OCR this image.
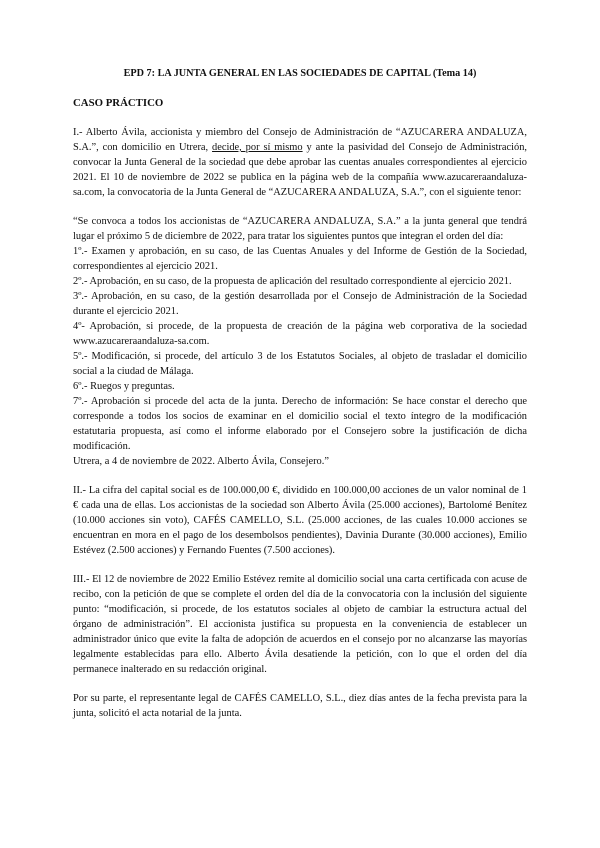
EPD 7: LA JUNTA GENERAL EN LAS SOCIEDADES DE CAPITAL (Tema 14)
CASO PRÁCTICO

I.- Alberto Ávila, accionista y miembro del Consejo de Administración de “AZUCARERA ANDALUZA, S.A.”, con domicilio en Utrera, decide, por sí mismo y ante la pasividad del Consejo de Administración, convocar la Junta General de la sociedad que debe aprobar las cuentas anuales correspondientes al ejercicio 2021. El 10 de noviembre de 2022 se publica en la página web de la compañía www.azucareraandaluza-sa.com, la convocatoria de la Junta General de “AZUCARERA ANDALUZA, S.A.”, con el siguiente tenor:

“Se convoca a todos los accionistas de “AZUCARERA ANDALUZA, S.A.” a la junta general que tendrá lugar el próximo 5 de diciembre de 2022, para tratar los siguientes puntos que integran el orden del día:

1º.- Examen y aprobación, en su caso, de las Cuentas Anuales y del Informe de Gestión de la Sociedad, correspondientes al ejercicio 2021.

2º.- Aprobación, en su caso, de la propuesta de aplicación del resultado correspondiente al ejercicio 2021.

3º.- Aprobación, en su caso, de la gestión desarrollada por el Consejo de Administración de la Sociedad durante el ejercicio 2021.

4º- Aprobación, si procede, de la propuesta de creación de la página web corporativa de la sociedad www.azucareraandaluza-sa.com.

5º.- Modificación, si procede, del artículo 3 de los Estatutos Sociales, al objeto de trasladar el domicilio social a la ciudad de Málaga.

6º.- Ruegos y preguntas.

7º.- Aprobación si procede del acta de la junta. Derecho de información: Se hace constar el derecho que corresponde a todos los socios de examinar en el domicilio social el texto íntegro de la modificación estatutaria propuesta, así como el informe elaborado por el Consejero sobre la justificación de dicha modificación.

Utrera, a 4 de noviembre de 2022. Alberto Ávila, Consejero.”

II.- La cifra del capital social es de 100.000,00 €, dividido en 100.000,00 acciones de un valor nominal de 1 € cada una de ellas. Los accionistas de la sociedad son Alberto Ávila (25.000 acciones), Bartolomé Benítez (10.000 acciones sin voto), CAFÉS CAMELLO, S.L. (25.000 acciones, de las cuales 10.000 acciones se encuentran en mora en el pago de los desembolsos pendientes), Davinia Durante (30.000 acciones), Emilio Estévez (2.500 acciones) y Fernando Fuentes (7.500 acciones).

III.- El 12 de noviembre de 2022 Emilio Estévez remite al domicilio social una carta certificada con acuse de recibo, con la petición de que se complete el orden del día de la convocatoria con la inclusión del siguiente punto: “modificación, si procede, de los estatutos sociales al objeto de cambiar la estructura actual del órgano de administración”. El accionista justifica su propuesta en la conveniencia de establecer un administrador único que evite la falta de adopción de acuerdos en el consejo por no alcanzarse las mayorías legalmente establecidas para ello. Alberto Ávila desatiende la petición, con lo que el orden del día permanece inalterado en su redacción original.

Por su parte, el representante legal de CAFÉS CAMELLO, S.L., diez días antes de la fecha prevista para la junta, solicitó el acta notarial de la junta.
